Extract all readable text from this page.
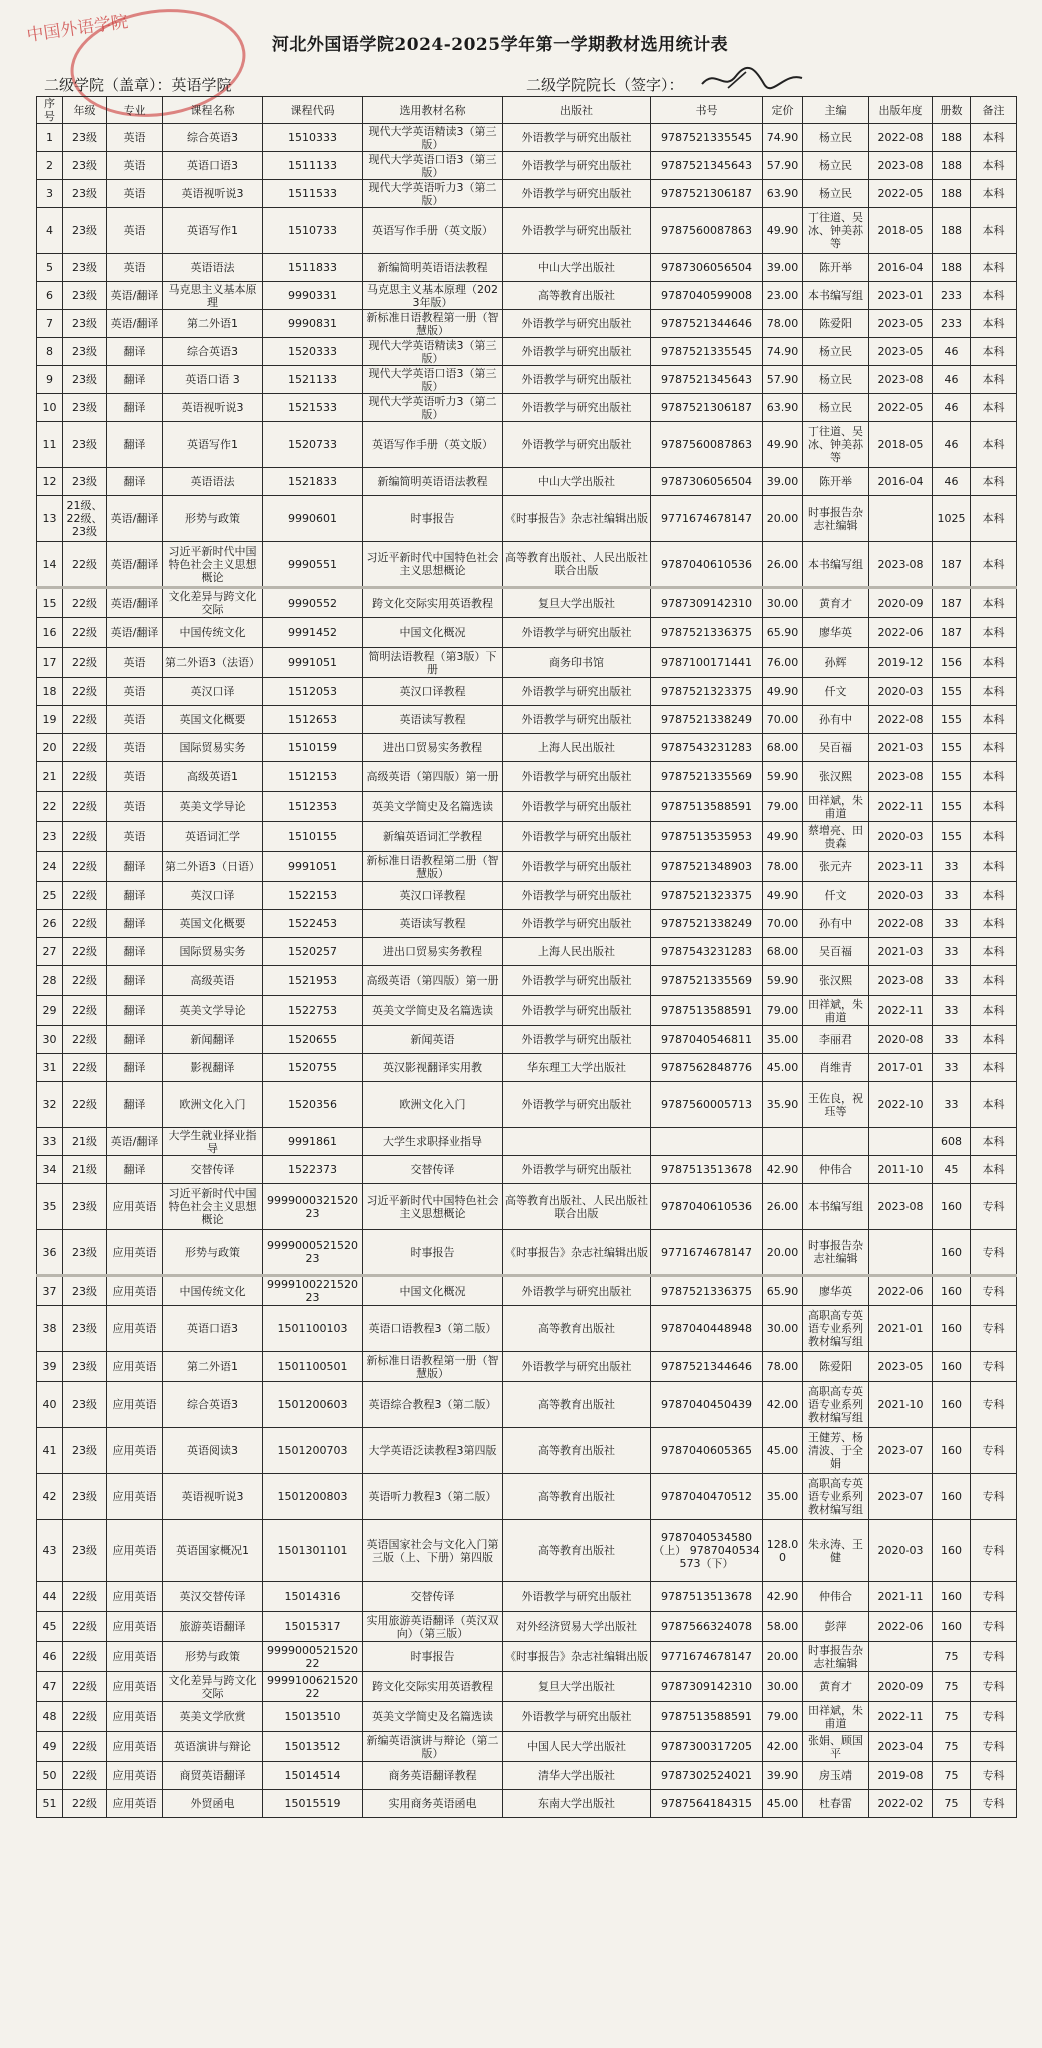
中国外语学院	河北外国语学院2024-2025学年第一学期教材选用统计表
二级学院（盖章）：英语学院	二级学院院长（签字）：
序号	年级	专业	课程名称	课程代码	选用教材名称	出版社	书号	定价	主编	出版年度	册数	备注
1	23级	英语	综合英语3	1510333	现代大学英语精读3（第三版）	外语教学与研究出版社	9787521335545	74.90	杨立民	2022-08	188	本科
2	23级	英语	英语口语3	1511133	现代大学英语口语3（第三版）	外语教学与研究出版社	9787521345643	57.90	杨立民	2023-08	188	本科
3	23级	英语	英语视听说3	1511533	现代大学英语听力3（第二版）	外语教学与研究出版社	9787521306187	63.90	杨立民	2022-05	188	本科
4	23级	英语	英语写作1	1510733	英语写作手册（英文版）	外语教学与研究出版社	9787560087863	49.90	丁往道、吴冰、钟美荪等	2018-05	188	本科
5	23级	英语	英语语法	1511833	新编简明英语语法教程	中山大学出版社	9787306056504	39.00	陈开举	2016-04	188	本科
6	23级	英语/翻译	马克思主义基本原理	9990331	马克思主义基本原理（2023年版）	高等教育出版社	9787040599008	23.00	本书编写组	2023-01	233	本科
7	23级	英语/翻译	第二外语1	9990831	新标准日语教程第一册（智慧版）	外语教学与研究出版社	9787521344646	78.00	陈爱阳	2023-05	233	本科
8	23级	翻译	综合英语3	1520333	现代大学英语精读3（第三版）	外语教学与研究出版社	9787521335545	74.90	杨立民	2023-05	46	本科
9	23级	翻译	英语口语 3	1521133	现代大学英语口语3（第三版）	外语教学与研究出版社	9787521345643	57.90	杨立民	2023-08	46	本科
10	23级	翻译	英语视听说3	1521533	现代大学英语听力3（第二版）	外语教学与研究出版社	9787521306187	63.90	杨立民	2022-05	46	本科
11	23级	翻译	英语写作1	1520733	英语写作手册（英文版）	外语教学与研究出版社	9787560087863	49.90	丁往道、吴冰、钟美荪等	2018-05	46	本科
12	23级	翻译	英语语法	1521833	新编简明英语语法教程	中山大学出版社	9787306056504	39.00	陈开举	2016-04	46	本科
13	21级、22级、23级	英语/翻译	形势与政策	9990601	时事报告	《时事报告》杂志社编辑出版	9771674678147	20.00	时事报告杂志社编辑		1025	本科
14	22级	英语/翻译	习近平新时代中国特色社会主义思想概论	9990551	习近平新时代中国特色社会主义思想概论	高等教育出版社、人民出版社联合出版	9787040610536	26.00	本书编写组	2023-08	187	本科
15	22级	英语/翻译	文化差异与跨文化交际	9990552	跨文化交际实用英语教程	复旦大学出版社	9787309142310	30.00	黄育才	2020-09	187	本科
16	22级	英语/翻译	中国传统文化	9991452	中国文化概况	外语教学与研究出版社	9787521336375	65.90	廖华英	2022-06	187	本科
17	22级	英语	第二外语3（法语）	9991051	简明法语教程（第3版）下册	商务印书馆	9787100171441	76.00	孙辉	2019-12	156	本科
18	22级	英语	英汉口译	1512053	英汉口译教程	外语教学与研究出版社	9787521323375	49.90	仟文	2020-03	155	本科
19	22级	英语	英国文化概要	1512653	英语读写教程	外语教学与研究出版社	9787521338249	70.00	孙有中	2022-08	155	本科
20	22级	英语	国际贸易实务	1510159	进出口贸易实务教程	上海人民出版社	9787543231283	68.00	吴百福	2021-03	155	本科
21	22级	英语	高级英语1	1512153	高级英语（第四版）第一册	外语教学与研究出版社	9787521335569	59.90	张汉熙	2023-08	155	本科
22	22级	英语	英美文学导论	1512353	英美文学简史及名篇选读	外语教学与研究出版社	9787513588591	79.00	田祥斌，朱甫道	2022-11	155	本科
23	22级	英语	英语词汇学	1510155	新编英语词汇学教程	外语教学与研究出版社	9787513535953	49.90	蔡增亮、田贵森	2020-03	155	本科
24	22级	翻译	第二外语3（日语）	9991051	新标准日语教程第二册（智慧版）	外语教学与研究出版社	9787521348903	78.00	张元卉	2023-11	33	本科
25	22级	翻译	英汉口译	1522153	英汉口译教程	外语教学与研究出版社	9787521323375	49.90	仟文	2020-03	33	本科
26	22级	翻译	英国文化概要	1522453	英语读写教程	外语教学与研究出版社	9787521338249	70.00	孙有中	2022-08	33	本科
27	22级	翻译	国际贸易实务	1520257	进出口贸易实务教程	上海人民出版社	9787543231283	68.00	吴百福	2021-03	33	本科
28	22级	翻译	高级英语	1521953	高级英语（第四版）第一册	外语教学与研究出版社	9787521335569	59.90	张汉熙	2023-08	33	本科
29	22级	翻译	英美文学导论	1522753	英美文学简史及名篇选读	外语教学与研究出版社	9787513588591	79.00	田祥斌，朱甫道	2022-11	33	本科
30	22级	翻译	新闻翻译	1520655	新闻英语	外语教学与研究出版社	9787040546811	35.00	李丽君	2020-08	33	本科
31	22级	翻译	影视翻译	1520755	英汉影视翻译实用教	华东理工大学出版社	9787562848776	45.00	肖维青	2017-01	33	本科
32	22级	翻译	欧洲文化入门	1520356	欧洲文化入门	外语教学与研究出版社	9787560005713	35.90	王佐良，祝珏等	2022-10	33	本科
33	21级	英语/翻译	大学生就业择业指导	9991861	大学生求职择业指导						608	本科
34	21级	翻译	交替传译	1522373	交替传译	外语教学与研究出版社	9787513513678	42.90	仲伟合	2011-10	45	本科
35	23级	应用英语	习近平新时代中国特色社会主义思想概论	999900032152023	习近平新时代中国特色社会主义思想概论	高等教育出版社、人民出版社联合出版	9787040610536	26.00	本书编写组	2023-08	160	专科
36	23级	应用英语	形势与政策	999900052152023	时事报告	《时事报告》杂志社编辑出版	9771674678147	20.00	时事报告杂志社编辑		160	专科
37	23级	应用英语	中国传统文化	999910022152023	中国文化概况	外语教学与研究出版社	9787521336375	65.90	廖华英	2022-06	160	专科
38	23级	应用英语	英语口语3	1501100103	英语口语教程3（第二版）	高等教育出版社	9787040448948	30.00	高职高专英语专业系列教材编写组	2021-01	160	专科
39	23级	应用英语	第二外语1	1501100501	新标准日语教程第一册（智慧版）	外语教学与研究出版社	9787521344646	78.00	陈爱阳	2023-05	160	专科
40	23级	应用英语	综合英语3	1501200603	英语综合教程3（第二版）	高等教育出版社	9787040450439	42.00	高职高专英语专业系列教材编写组	2021-10	160	专科
41	23级	应用英语	英语阅读3	1501200703	大学英语泛读教程3第四版	高等教育出版社	9787040605365	45.00	王健芳、杨清波、于全娟	2023-07	160	专科
42	23级	应用英语	英语视听说3	1501200803	英语听力教程3（第二版）	高等教育出版社	9787040470512	35.00	高职高专英语专业系列教材编写组	2023-07	160	专科
43	23级	应用英语	英语国家概况1	1501301101	英语国家社会与文化入门第三版（上、下册）第四版	高等教育出版社	9787040534580（上） 9787040534573（下）	128.00	朱永涛、王健	2020-03	160	专科
44	22级	应用英语	英汉交替传译	15014316	交替传译	外语教学与研究出版社	9787513513678	42.90	仲伟合	2021-11	160	专科
45	22级	应用英语	旅游英语翻译	15015317	实用旅游英语翻译（英汉双向）（第三版）	对外经济贸易大学出版社	9787566324078	58.00	彭萍	2022-06	160	专科
46	22级	应用英语	形势与政策	999900052152022	时事报告	《时事报告》杂志社编辑出版	9771674678147	20.00	时事报告杂志社编辑		75	专科
47	22级	应用英语	文化差异与跨文化交际	999910062152022	跨文化交际实用英语教程	复旦大学出版社	9787309142310	30.00	黄育才	2020-09	75	专科
48	22级	应用英语	英美文学欣赏	15013510	英美文学简史及名篇选读	外语教学与研究出版社	9787513588591	79.00	田祥斌，朱甫道	2022-11	75	专科
49	22级	应用英语	英语演讲与辩论	15013512	新编英语演讲与辩论（第二版）	中国人民大学出版社	9787300317205	42.00	张娟、顾国平	2023-04	75	专科
50	22级	应用英语	商贸英语翻译	15014514	商务英语翻译教程	清华大学出版社	9787302524021	39.90	房玉靖	2019-08	75	专科
51	22级	应用英语	外贸函电	15015519	实用商务英语函电	东南大学出版社	9787564184315	45.00	杜春雷	2022-02	75	专科
